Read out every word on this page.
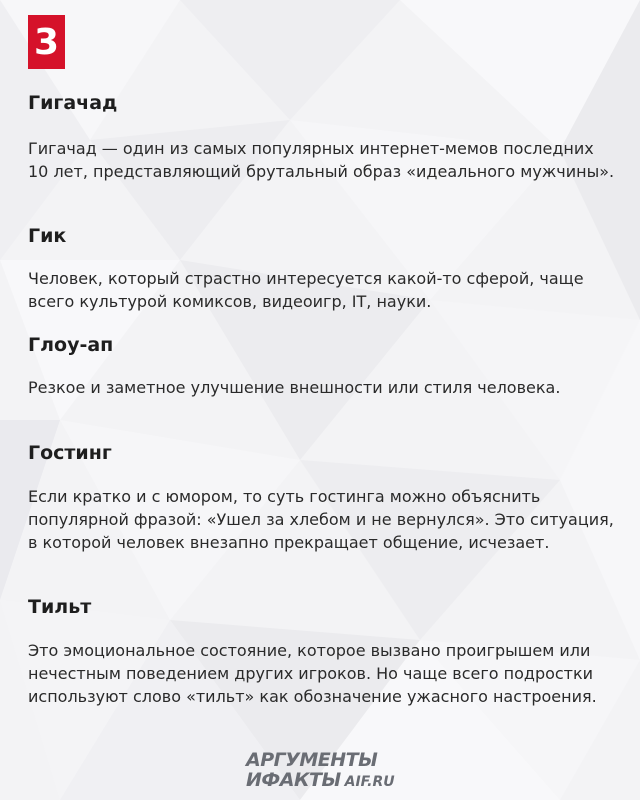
3
Гигачад

Гигачад — один из самых популярных интернет-мемов последних 10 лет, представляющий брутальный образ «идеального мужчины».

Гик

Человек, который страстно интересуется какой-то сферой, чаще всего культурой комиксов, видеоигр, IT, науки.

Глоу-ап

Резкое и заметное улучшение внешности или стиля человека.

Гостинг

Если кратко и с юмором, то суть гостинга можно объяснить популярной фразой: «Ушел за хлебом и не вернулся». Это ситуация, в которой человек внезапно прекращает общение, исчезает.

Тильт

Это эмоциональное состояние, которое вызвано проигрышем или нечестным поведением других игроков. Но чаще всего подростки используют слово «тильт» как обозначение ужасного настроения.

АРГУМЕНТЫ
ИФАКТЫ AIF.RU
